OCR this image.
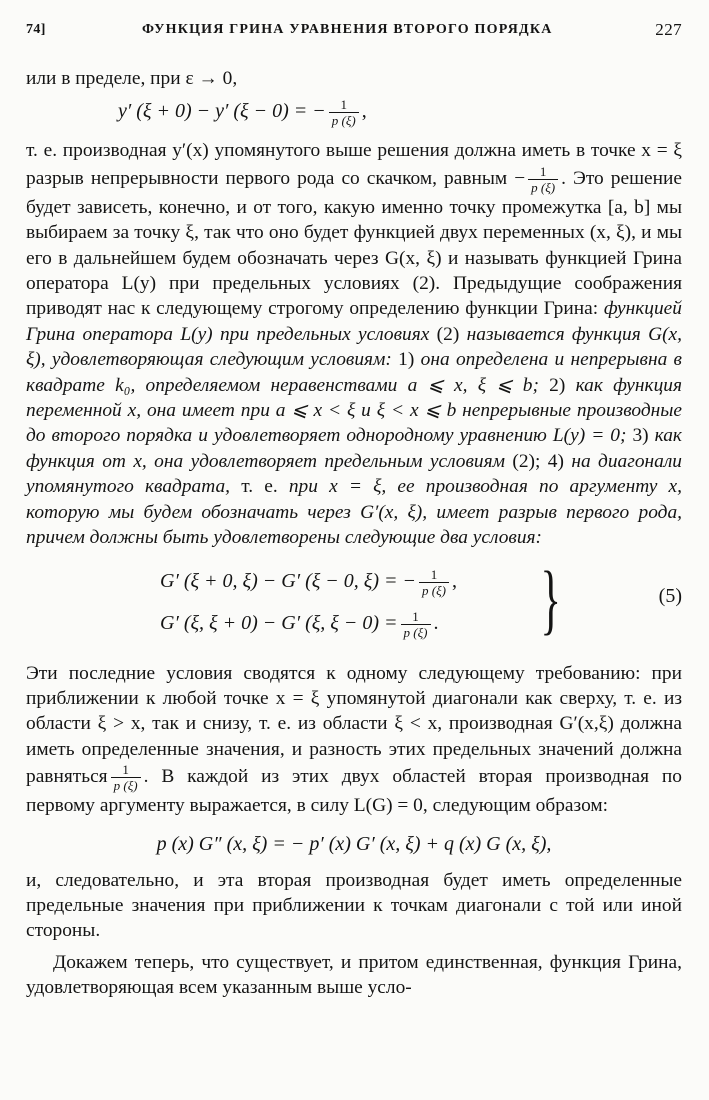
74]	ФУНКЦИЯ ГРИНА УРАВНЕНИЯ ВТОРОГО ПОРЯДКА	227

или в пределе, при ε → 0,

y′ (ξ + 0) − y′ (ξ − 0) = − $\frac{1}{p (\xi)}$ ,

т. е. производная y′(x) упомянутого выше решения должна иметь в точке x = ξ разрыв непрерывности первого рода со скачком, равным − $\frac{1}{p (\xi)}$ . Это решение будет зависеть, конечно, и от того, какую именно точку промежутка [a, b] мы выбираем за точку ξ, так что оно будет функцией двух переменных (x, ξ), и мы его в дальнейшем будем обозначать через G(x, ξ) и называть функцией Грина оператора L(y) при предельных условиях (2). Предыдущие соображения приводят нас к следующему строгому определению функции Грина: функцией Грина оператора L(y) при предельных условиях (2) называется функция G(x, ξ), удовлетворяющая следующим условиям: 1) она определена и непрерывна в квадрате k₀, определяемом неравенствами a ⩽ x, ξ ⩽ b; 2) как функция переменной x, она имеет при a ⩽ x < ξ и ξ < x ⩽ b непрерывные производные до второго порядка и удовлетворяет однородному уравнению L(y) = 0; 3) как функция от x, она удовлетворяет предельным условиям (2); 4) на диагонали упомянутого квадрата, т. е. при x = ξ, ее производная по аргументу x, которую мы будем обозначать через G′(x, ξ), имеет разрыв первого рода, причем должны быть удовлетворены следующие два условия:

G′ (ξ + 0, ξ) − G′ (ξ − 0, ξ) = − $\frac{1}{p (\xi)}$ ,
G′ (ξ, ξ + 0) − G′ (ξ, $\xi - 0) = \frac{1}{p (\xi)}$ . }	(5)

Эти последние условия сводятся к одному следующему требованию: при приближении к любой точке x = ξ упомянутой диагонали как сверху, т. е. из области ξ > x, так и снизу, т. е. из области ξ < x, производная G′(x,ξ) должна иметь определенные значения, и разность этих предельных значений должна равняться $\frac{1}{p (\xi)}$ . В каждой из этих двух областей вторая производная по первому аргументу выражается, в силу L(G) = 0, следующим образом:

p (x) G″ (x, ξ) = − p′ (x) G′ (x, ξ) + q (x) G (x, ξ),

и, следовательно, и эта вторая производная будет иметь определенные предельные значения при приближении к точкам диагонали с той или иной стороны.

Докажем теперь, что существует, и притом единственная, функция Грина, удовлетворяющая всем указанным выше усло-
